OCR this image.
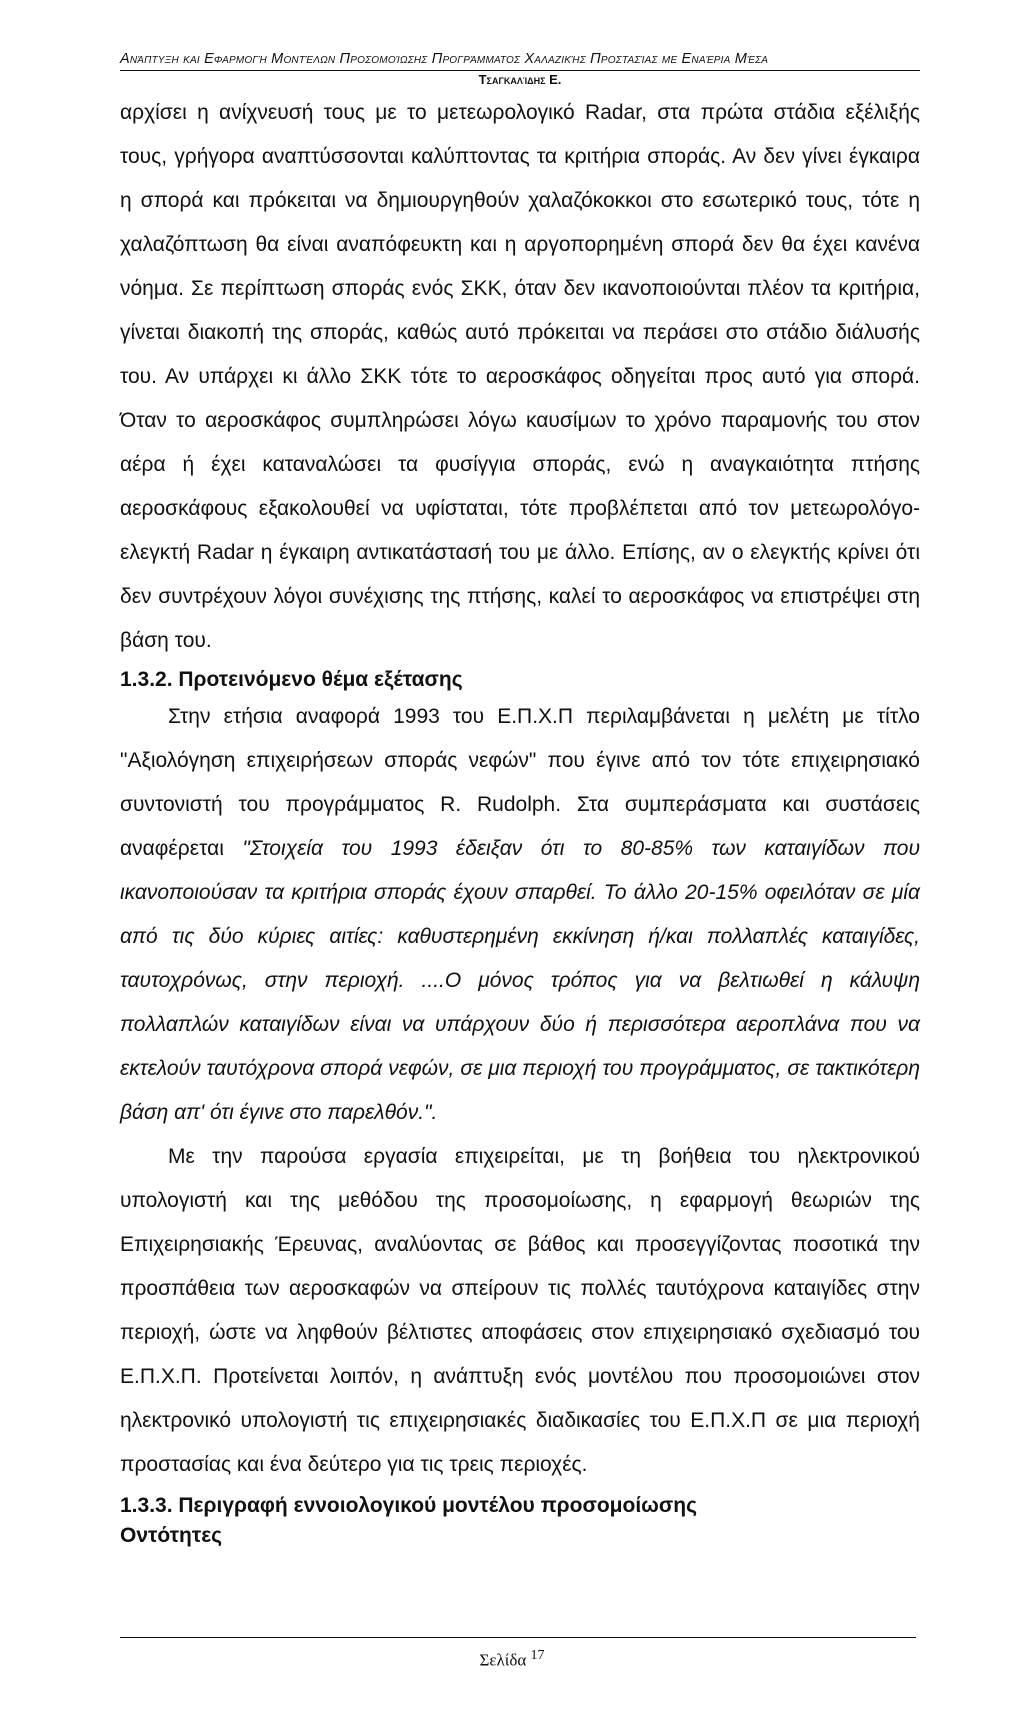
Ανάπτυξη και Εφαρμογή Μοντέλων Προσομοίωσης Προγράμματος Χαλαζικής Προστασίας με Εναέρια Μέσα

Τσαγκαλίδης Ε.

αρχίσει η ανίχνευσή τους με το μετεωρολογικό Radar, στα πρώτα στάδια εξέλιξής τους, γρήγορα αναπτύσσονται καλύπτοντας τα κριτήρια σποράς. Αν δεν γίνει έγκαιρα η σπορά και πρόκειται να δημιουργηθούν χαλαζόκοκκοι στο εσωτερικό τους, τότε η χαλαζόπτωση θα είναι αναπόφευκτη και η αργοπορημένη σπορά δεν θα έχει κανένα νόημα. Σε περίπτωση σποράς ενός ΣΚΚ, όταν δεν ικανοποιούνται πλέον τα κριτήρια, γίνεται διακοπή της σποράς, καθώς αυτό πρόκειται να περάσει στο στάδιο διάλυσής του. Αν υπάρχει κι άλλο ΣΚΚ τότε το αεροσκάφος οδηγείται προς αυτό για σπορά. Όταν το αεροσκάφος συμπληρώσει λόγω καυσίμων το χρόνο παραμονής του στον αέρα ή έχει καταναλώσει τα φυσίγγια σποράς, ενώ η αναγκαιότητα πτήσης αεροσκάφους εξακολουθεί να υφίσταται, τότε προβλέπεται από τον μετεωρολόγο-ελεγκτή Radar η έγκαιρη αντικατάστασή του με άλλο. Επίσης, αν ο ελεγκτής κρίνει ότι δεν συντρέχουν λόγοι συνέχισης της πτήσης, καλεί το αεροσκάφος να επιστρέψει στη βάση του.

1.3.2. Προτεινόμενο θέμα εξέτασης

Στην ετήσια αναφορά 1993 του Ε.Π.Χ.Π περιλαμβάνεται η μελέτη με τίτλο "Αξιολόγηση επιχειρήσεων σποράς νεφών" που έγινε από τον τότε επιχειρησιακό συντονιστή του προγράμματος R. Rudolph. Στα συμπεράσματα και συστάσεις αναφέρεται "Στοιχεία του 1993 έδειξαν ότι το 80-85% των καταιγίδων που ικανοποιούσαν τα κριτήρια σποράς έχουν σπαρθεί. Το άλλο 20-15% οφειλόταν σε μία από τις δύο κύριες αιτίες: καθυστερημένη εκκίνηση ή/και πολλαπλές καταιγίδες, ταυτοχρόνως, στην περιοχή. ....Ο μόνος τρόπος για να βελτιωθεί η κάλυψη πολλαπλών καταιγίδων είναι να υπάρχουν δύο ή περισσότερα αεροπλάνα που να εκτελούν ταυτόχρονα σπορά νεφών, σε μια περιοχή του προγράμματος, σε τακτικότερη βάση απ' ότι έγινε στο παρελθόν.".

Με την παρούσα εργασία επιχειρείται, με τη βοήθεια του ηλεκτρονικού υπολογιστή και της μεθόδου της προσομοίωσης, η εφαρμογή θεωριών της Επιχειρησιακής Έρευνας, αναλύοντας σε βάθος και προσεγγίζοντας ποσοτικά την προσπάθεια των αεροσκαφών να σπείρουν τις πολλές ταυτόχρονα καταιγίδες στην περιοχή, ώστε να ληφθούν βέλτιστες αποφάσεις στον επιχειρησιακό σχεδιασμό του Ε.Π.Χ.Π. Προτείνεται λοιπόν, η ανάπτυξη ενός μοντέλου που προσομοιώνει στον ηλεκτρονικό υπολογιστή τις επιχειρησιακές διαδικασίες του Ε.Π.Χ.Π σε μια περιοχή προστασίας και ένα δεύτερο για τις τρεις περιοχές.

1.3.3. Περιγραφή εννοιολογικού μοντέλου προσομοίωσης

Οντότητες

Σελίδα $^{17}$
